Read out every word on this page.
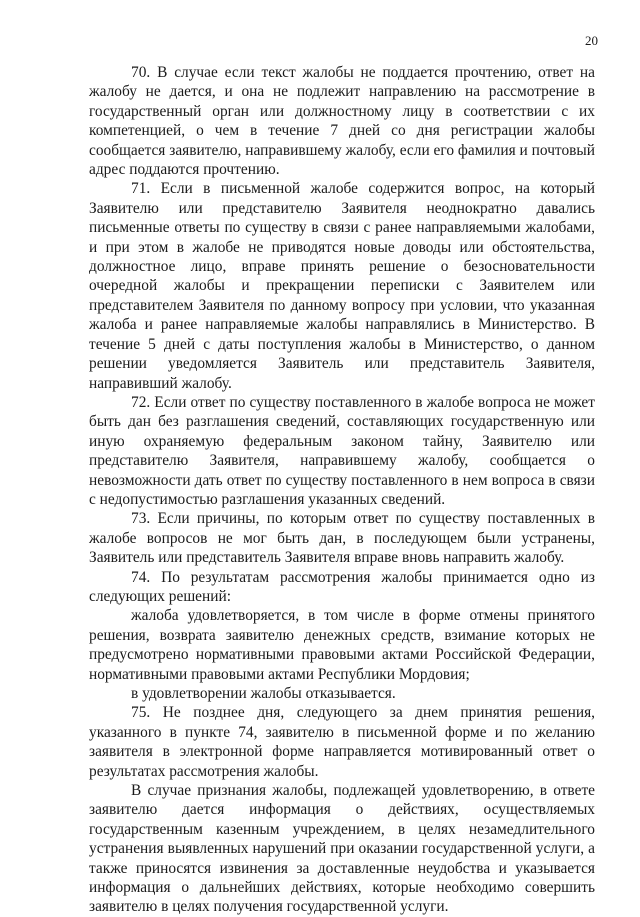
20

70. В случае если текст жалобы не поддается прочтению, ответ на жалобу не дается, и она не подлежит направлению на рассмотрение в государственный орган или должностному лицу в соответствии с их компетенцией, о чем в течение 7 дней со дня регистрации жалобы сообщается заявителю, направившему жалобу, если его фамилия и почтовый адрес поддаются прочтению.

71. Если в письменной жалобе содержится вопрос, на который Заявителю или представителю Заявителя неоднократно давались письменные ответы по существу в связи с ранее направляемыми жалобами, и при этом в жалобе не приводятся новые доводы или обстоятельства, должностное лицо, вправе принять решение о безосновательности очередной жалобы и прекращении переписки с Заявителем или представителем Заявителя по данному вопросу при условии, что указанная жалоба и ранее направляемые жалобы направлялись в Министерство. В течение 5 дней с даты поступления жалобы в Министерство, о данном решении уведомляется Заявитель или представитель Заявителя, направивший жалобу.

72. Если ответ по существу поставленного в жалобе вопроса не может быть дан без разглашения сведений, составляющих государственную или иную охраняемую федеральным законом тайну, Заявителю или представителю Заявителя, направившему жалобу, сообщается о невозможности дать ответ по существу поставленного в нем вопроса в связи с недопустимостью разглашения указанных сведений.

73. Если причины, по которым ответ по существу поставленных в жалобе вопросов не мог быть дан, в последующем были устранены, Заявитель или представитель Заявителя вправе вновь направить жалобу.

74. По результатам рассмотрения жалобы принимается одно из следующих решений:

жалоба удовлетворяется, в том числе в форме отмены принятого решения, возврата заявителю денежных средств, взимание которых не предусмотрено нормативными правовыми актами Российской Федерации, нормативными правовыми актами Республики Мордовия;

в удовлетворении жалобы отказывается.

75. Не позднее дня, следующего за днем принятия решения, указанного в пункте 74, заявителю в письменной форме и по желанию заявителя в электронной форме направляется мотивированный ответ о результатах рассмотрения жалобы.

В случае признания жалобы, подлежащей удовлетворению, в ответе заявителю дается информация о действиях, осуществляемых государственным казенным учреждением, в целях незамедлительного устранения выявленных нарушений при оказании государственной услуги, а также приносятся извинения за доставленные неудобства и указывается информация о дальнейших действиях, которые необходимо совершить заявителю в целях получения государственной услуги.
